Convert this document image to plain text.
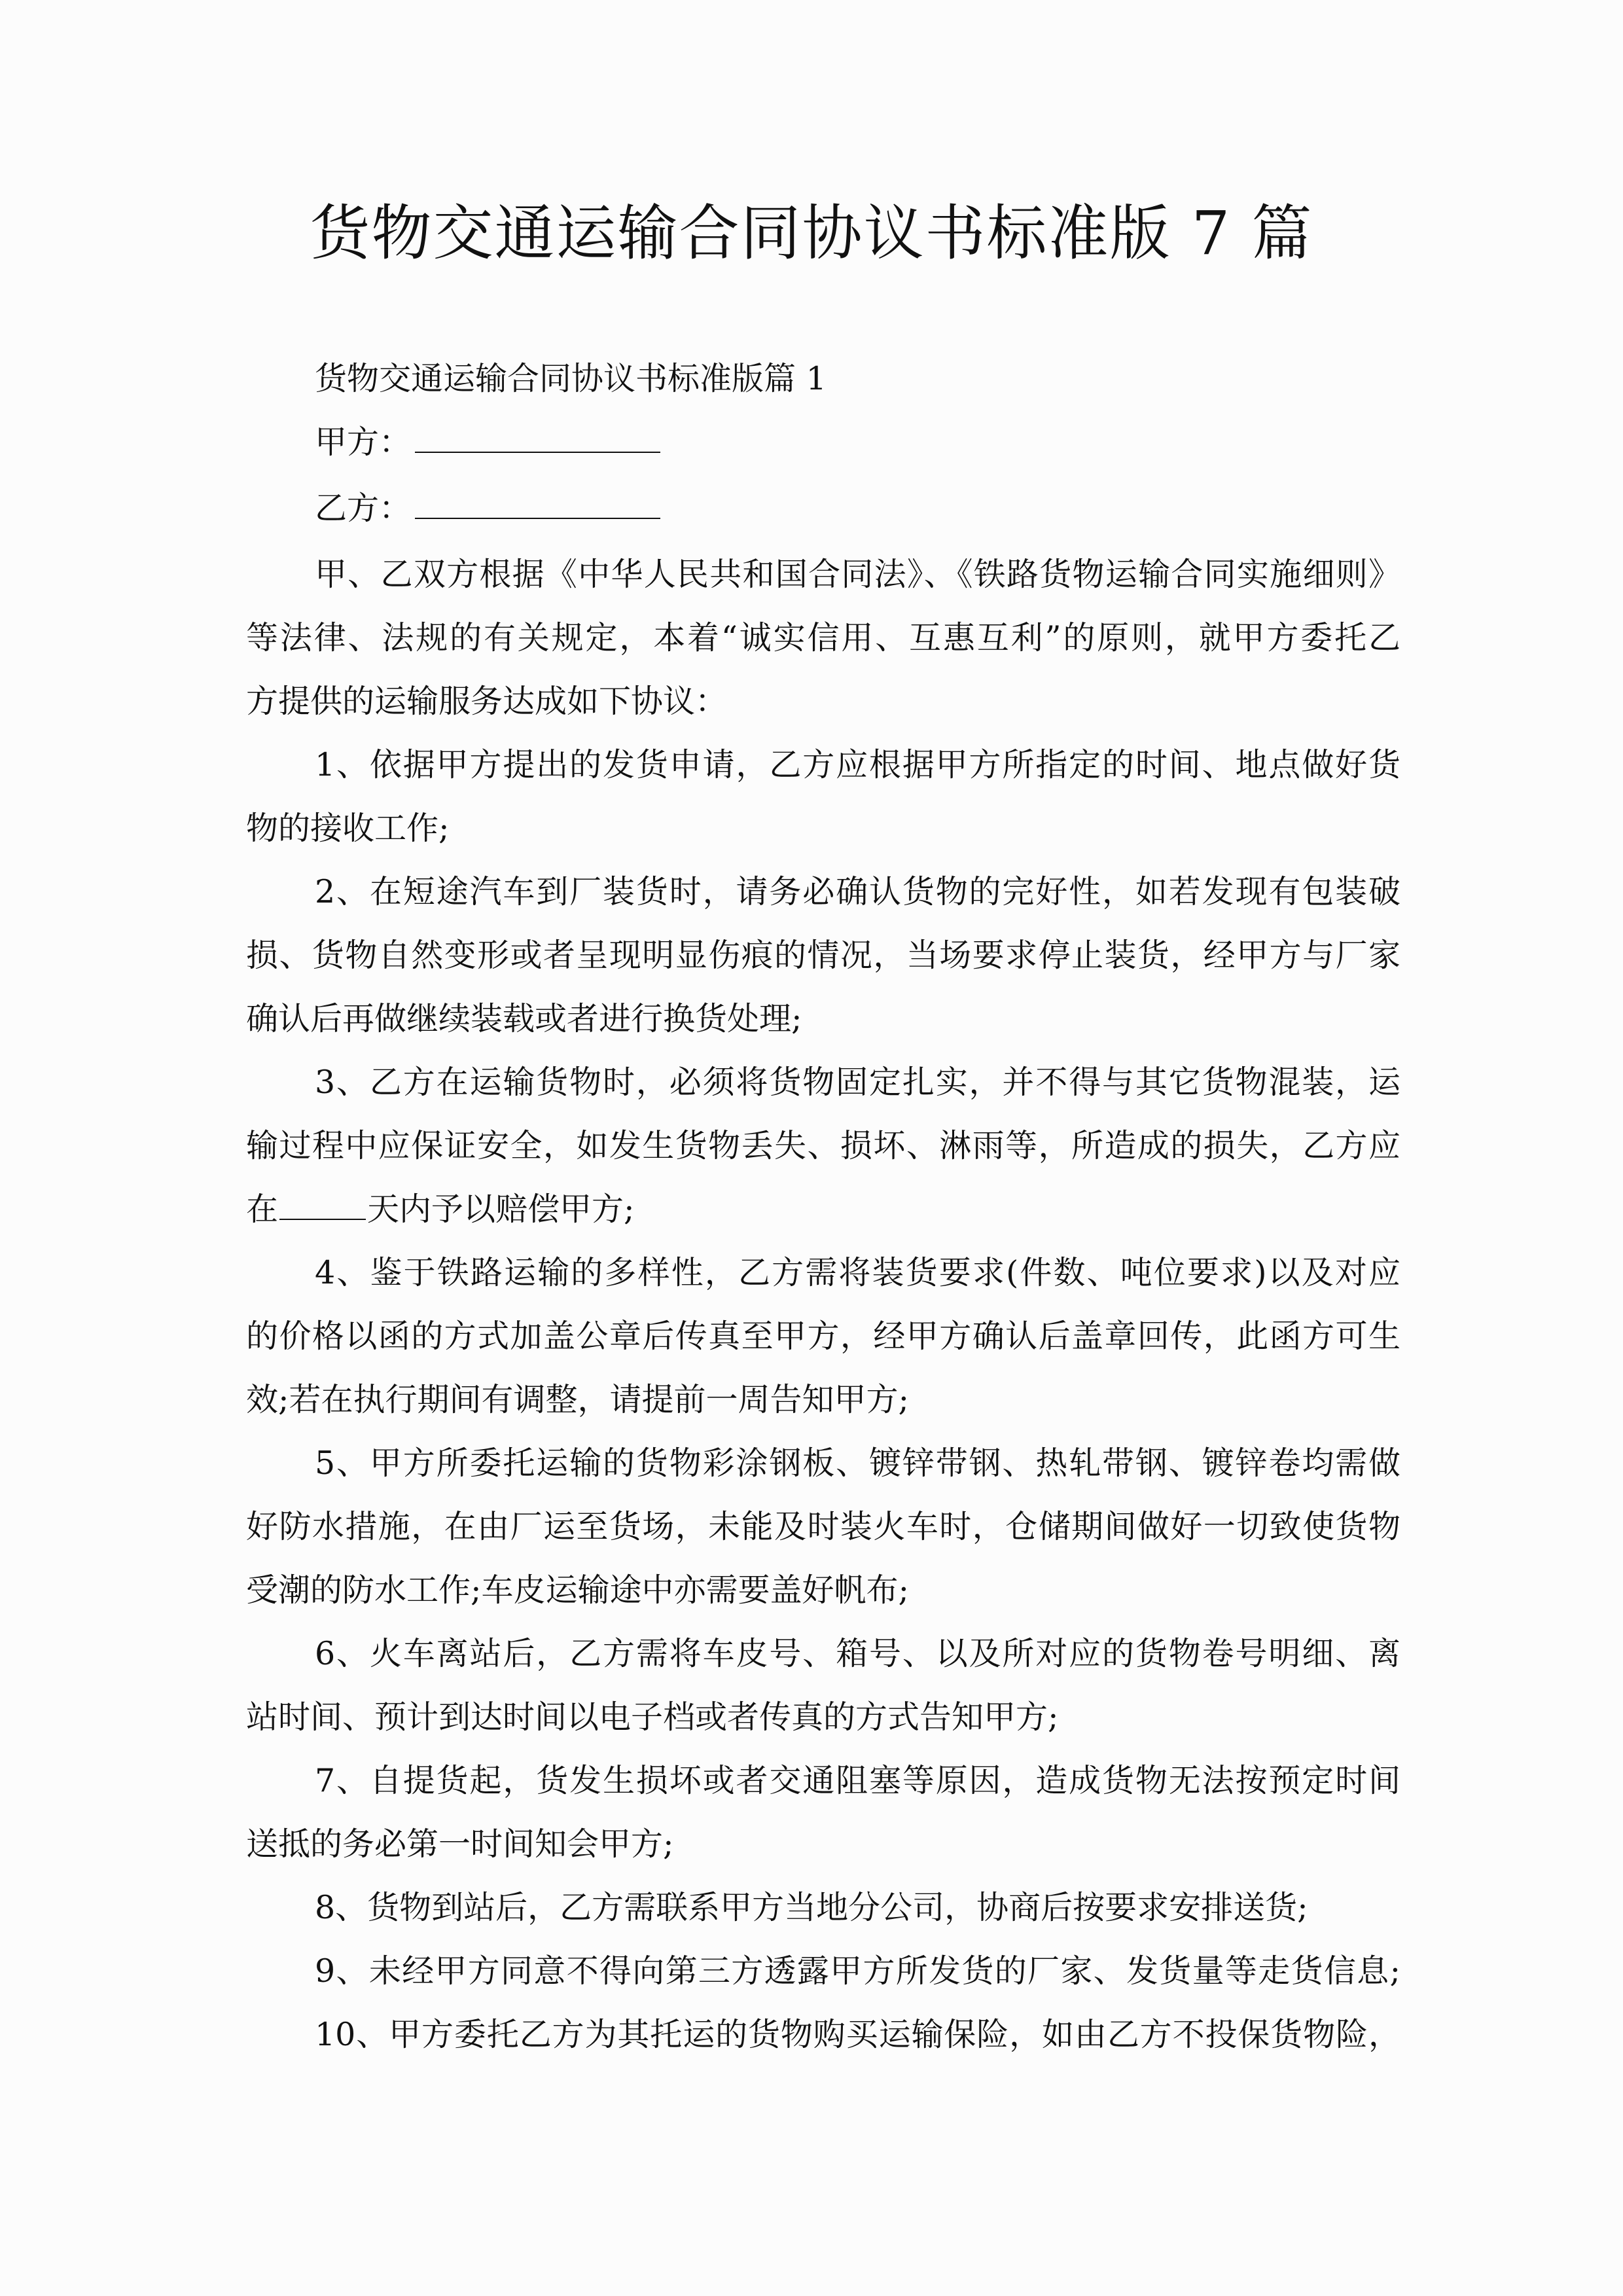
货物交通运输合同协议书标准版 7 篇
货物交通运输合同协议书标准版篇 1
甲方：
乙方：
甲、乙双方根据《中华人民共和国合同法》、《铁路货物运输合同实施细则》
等法律、法规的有关规定，本着“诚实信用、互惠互利”的原则，就甲方委托乙
方提供的运输服务达成如下协议：
1、依据甲方提出的发货申请，乙方应根据甲方所指定的时间、地点做好货
物的接收工作;
2、在短途汽车到厂装货时，请务必确认货物的完好性，如若发现有包装破
损、货物自然变形或者呈现明显伤痕的情况，当场要求停止装货，经甲方与厂家
确认后再做继续装载或者进行换货处理;
3、乙方在运输货物时，必须将货物固定扎实，并不得与其它货物混装，运
输过程中应保证安全，如发生货物丢失、损坏、淋雨等，所造成的损失，乙方应
在	天内予以赔偿甲方;
4、鉴于铁路运输的多样性，乙方需将装货要求(件数、吨位要求)以及对应
的价格以函的方式加盖公章后传真至甲方，经甲方确认后盖章回传，此函方可生
效;若在执行期间有调整，请提前一周告知甲方;
5、甲方所委托运输的货物彩涂钢板、镀锌带钢、热轧带钢、镀锌卷均需做
好防水措施，在由厂运至货场，未能及时装火车时，仓储期间做好一切致使货物
受潮的防水工作;车皮运输途中亦需要盖好帆布;
6、火车离站后，乙方需将车皮号、箱号、以及所对应的货物卷号明细、离
站时间、预计到达时间以电子档或者传真的方式告知甲方;
7、自提货起，货发生损坏或者交通阻塞等原因，造成货物无法按预定时间
送抵的务必第一时间知会甲方;
8、货物到站后，乙方需联系甲方当地分公司，协商后按要求安排送货;
9、未经甲方同意不得向第三方透露甲方所发货的厂家、发货量等走货信息;
10、甲方委托乙方为其托运的货物购买运输保险，如由乙方不投保货物险，
